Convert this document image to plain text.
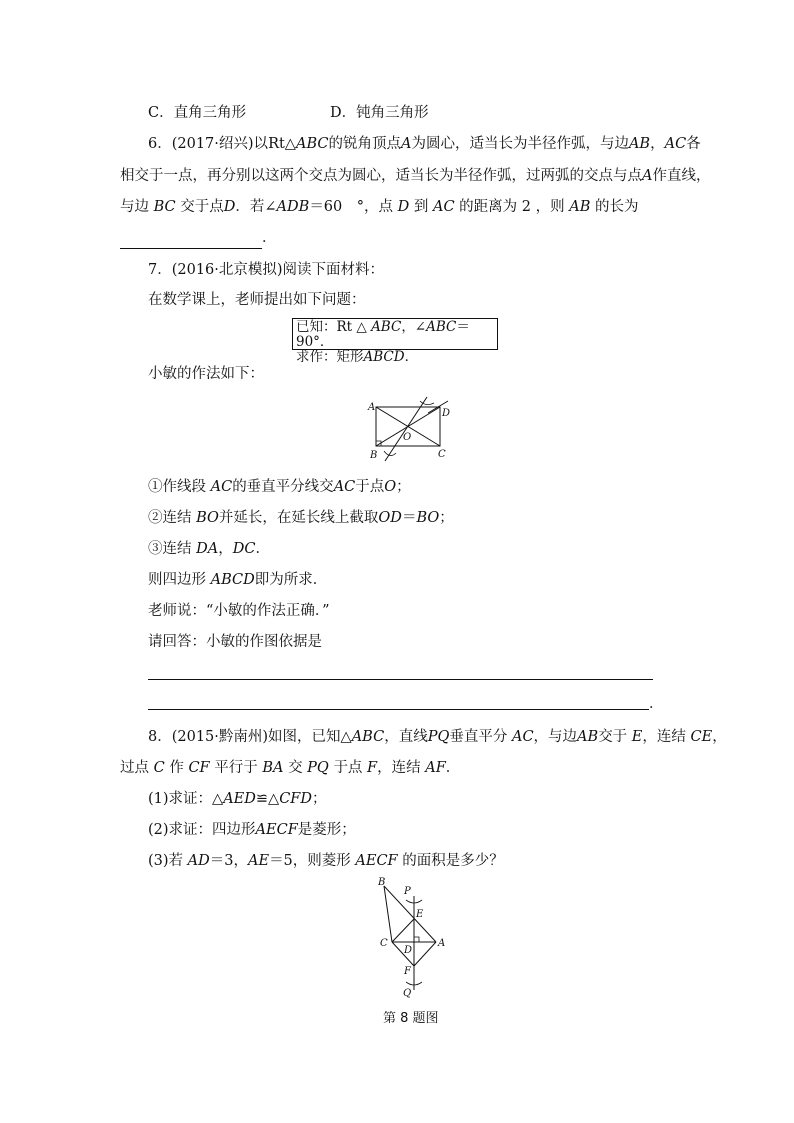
C．直角三角形	D．钝角三角形
6．(2017·绍兴)以Rt△ABC的锐角顶点A为圆心，适当长为半径作弧，与边AB，AC各
相交于一点，再分别以这两个交点为圆心，适当长为半径作弧，过两弧的交点与点A作直线，
与边 BC 交于点D．若∠ADB＝60　°，点 D 到 AC 的距离为 2 ，则 AB 的长为
．
7．(2016·北京模拟)阅读下面材料：
在数学课上，老师提出如下问题：
已知：Rt △ ABC，∠ABC＝90°．
求作：矩形ABCD．
小敏的作法如下：
A
D
O
B	C
①作线段 AC的垂直平分线交AC于点O；
②连结 BO并延长，在延长线上截取OD＝BO；
③连结 DA，DC．
则四边形 ABCD即为所求．
老师说：“小敏的作法正确．”
请回答：小敏的作图依据是
．
8．(2015·黔南州)如图，已知△ABC，直线PQ垂直平分 AC，与边AB交于 E，连结 CE，
过点 C 作 CF 平行于 BA 交 PQ 于点 F，连结 AF．
(1)求证：△AED≌△CFD；
(2)求证：四边形AECF是菱形；
(3)若 AD＝3，AE＝5，则菱形 AECF 的面积是多少？
B
P
E
C
D
A
F
Q
第 8 题图
